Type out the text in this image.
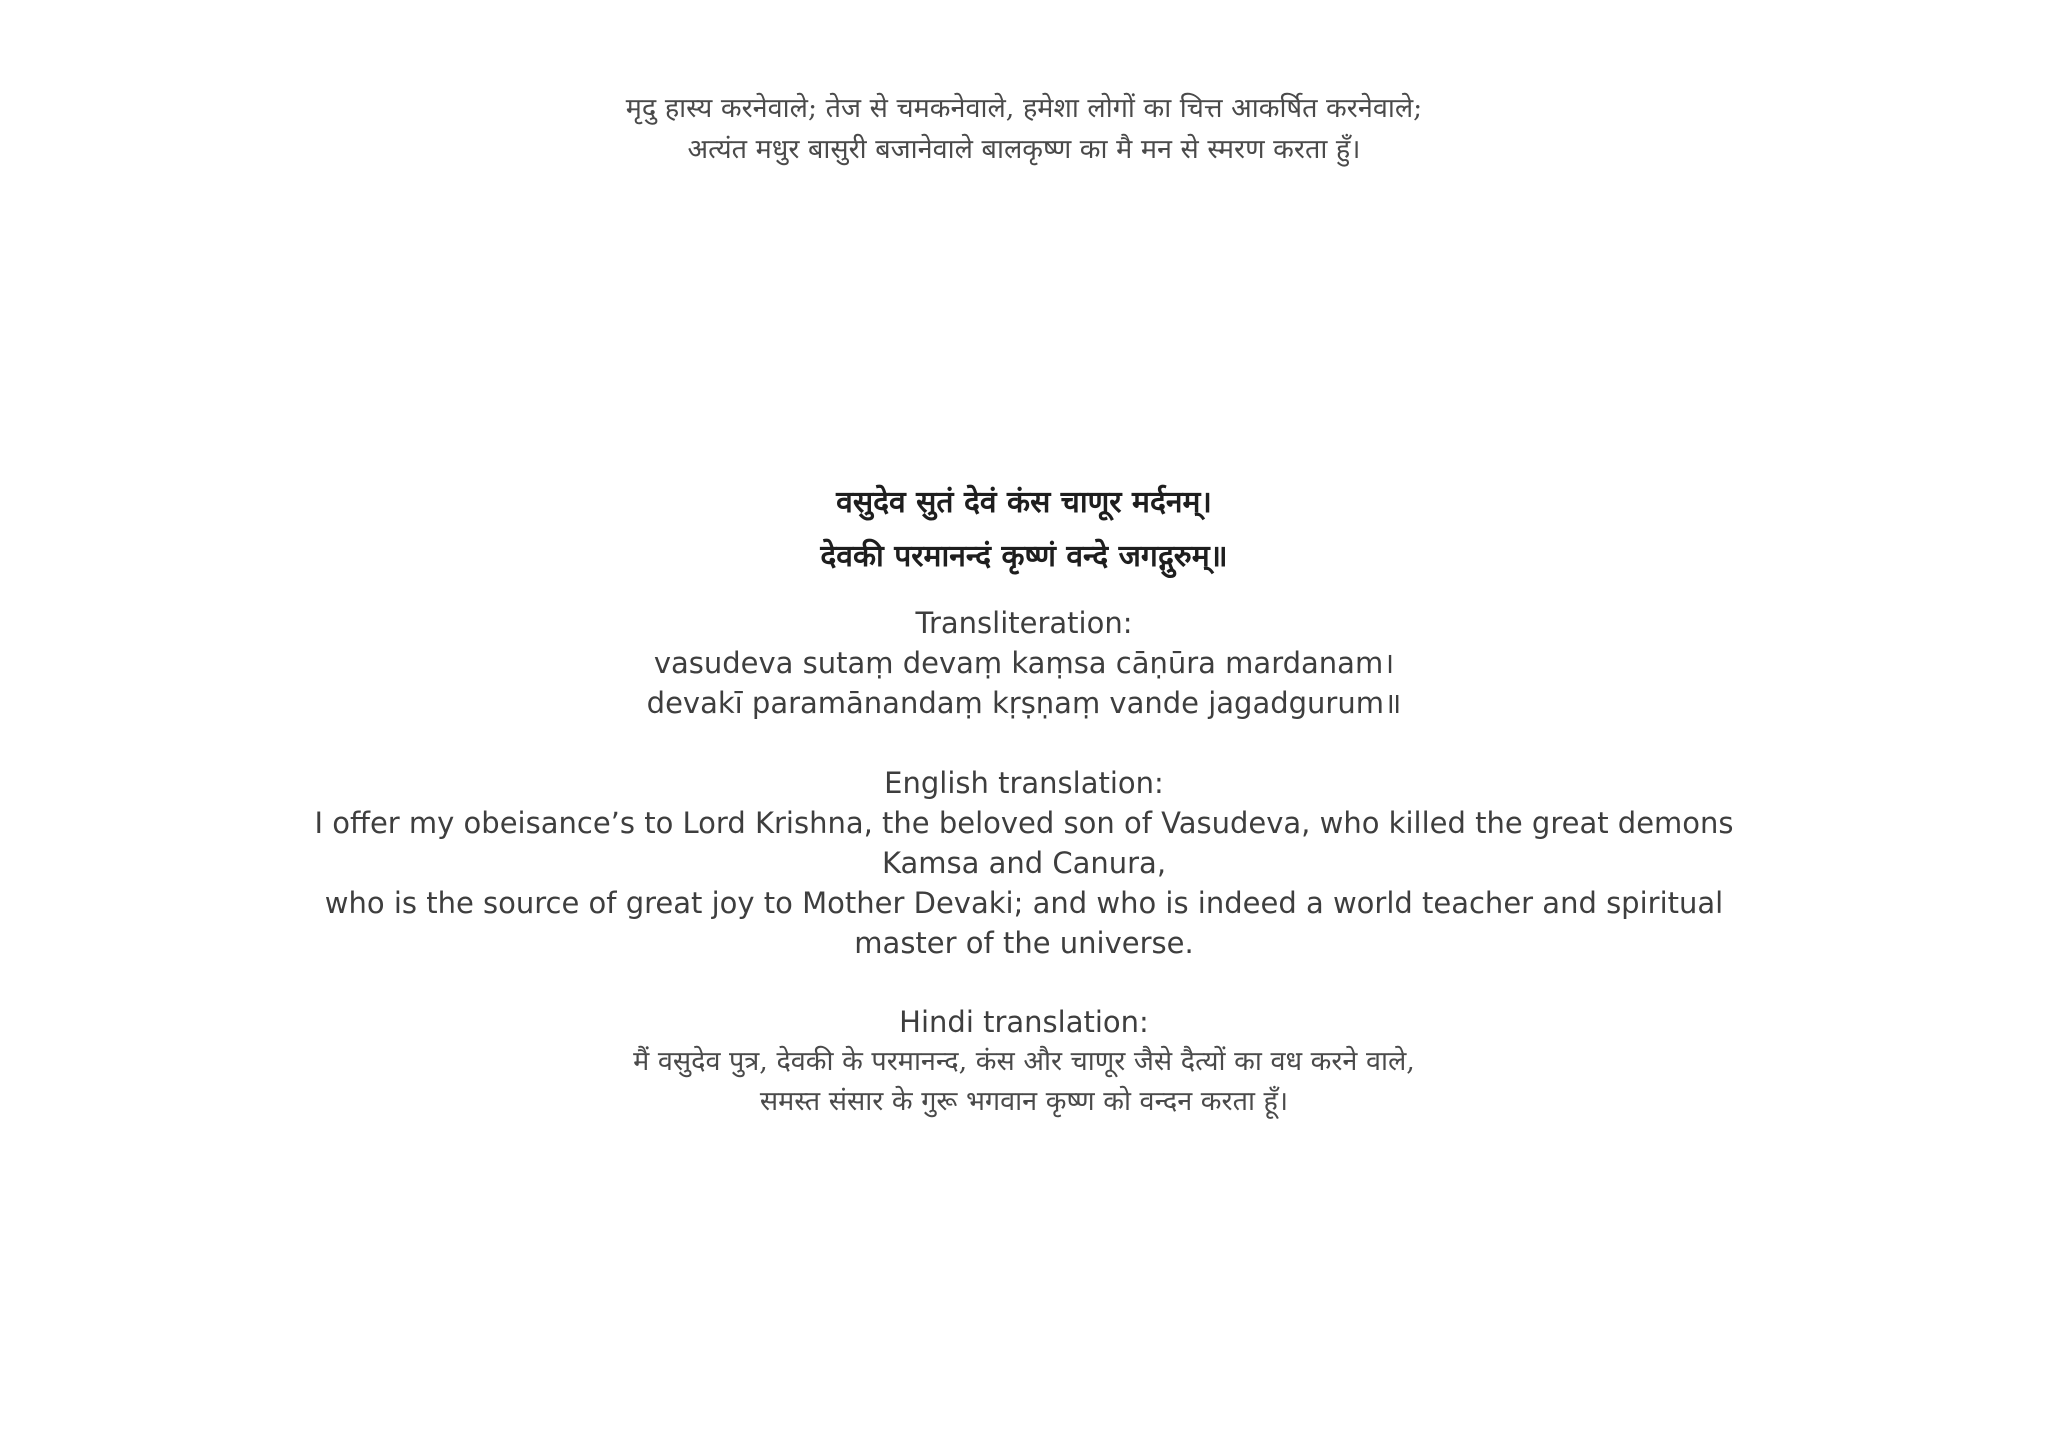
मृदु हास्य करनेवाले; तेज से चमकनेवाले, हमेशा लोगों का चित्त आकर्षित करनेवाले;
अत्यंत मधुर बासुरी बजानेवाले बालकृष्ण का मै मन से स्मरण करता हुँ।
वसुदेव सुतं देवं कंस चाणूर मर्दनम्।
देवकी परमानन्दं कृष्णं वन्दे जगद्गुरुम्॥
Transliteration:
vasudeva sutaṃ devaṃ kaṃsa cāṇūra mardanam।
devakī paramānandaṃ kṛṣṇaṃ vande jagadgurum॥
English translation:
I offer my obeisance’s to Lord Krishna, the beloved son of Vasudeva, who killed the great demons
Kamsa and Canura,
who is the source of great joy to Mother Devaki; and who is indeed a world teacher and spiritual
master of the universe.
Hindi translation:
मैं वसुदेव पुत्र, देवकी के परमानन्द, कंस और चाणूर जैसे दैत्यों का वध करने वाले,
समस्त संसार के गुरू भगवान कृष्ण को वन्दन करता हूँ।
